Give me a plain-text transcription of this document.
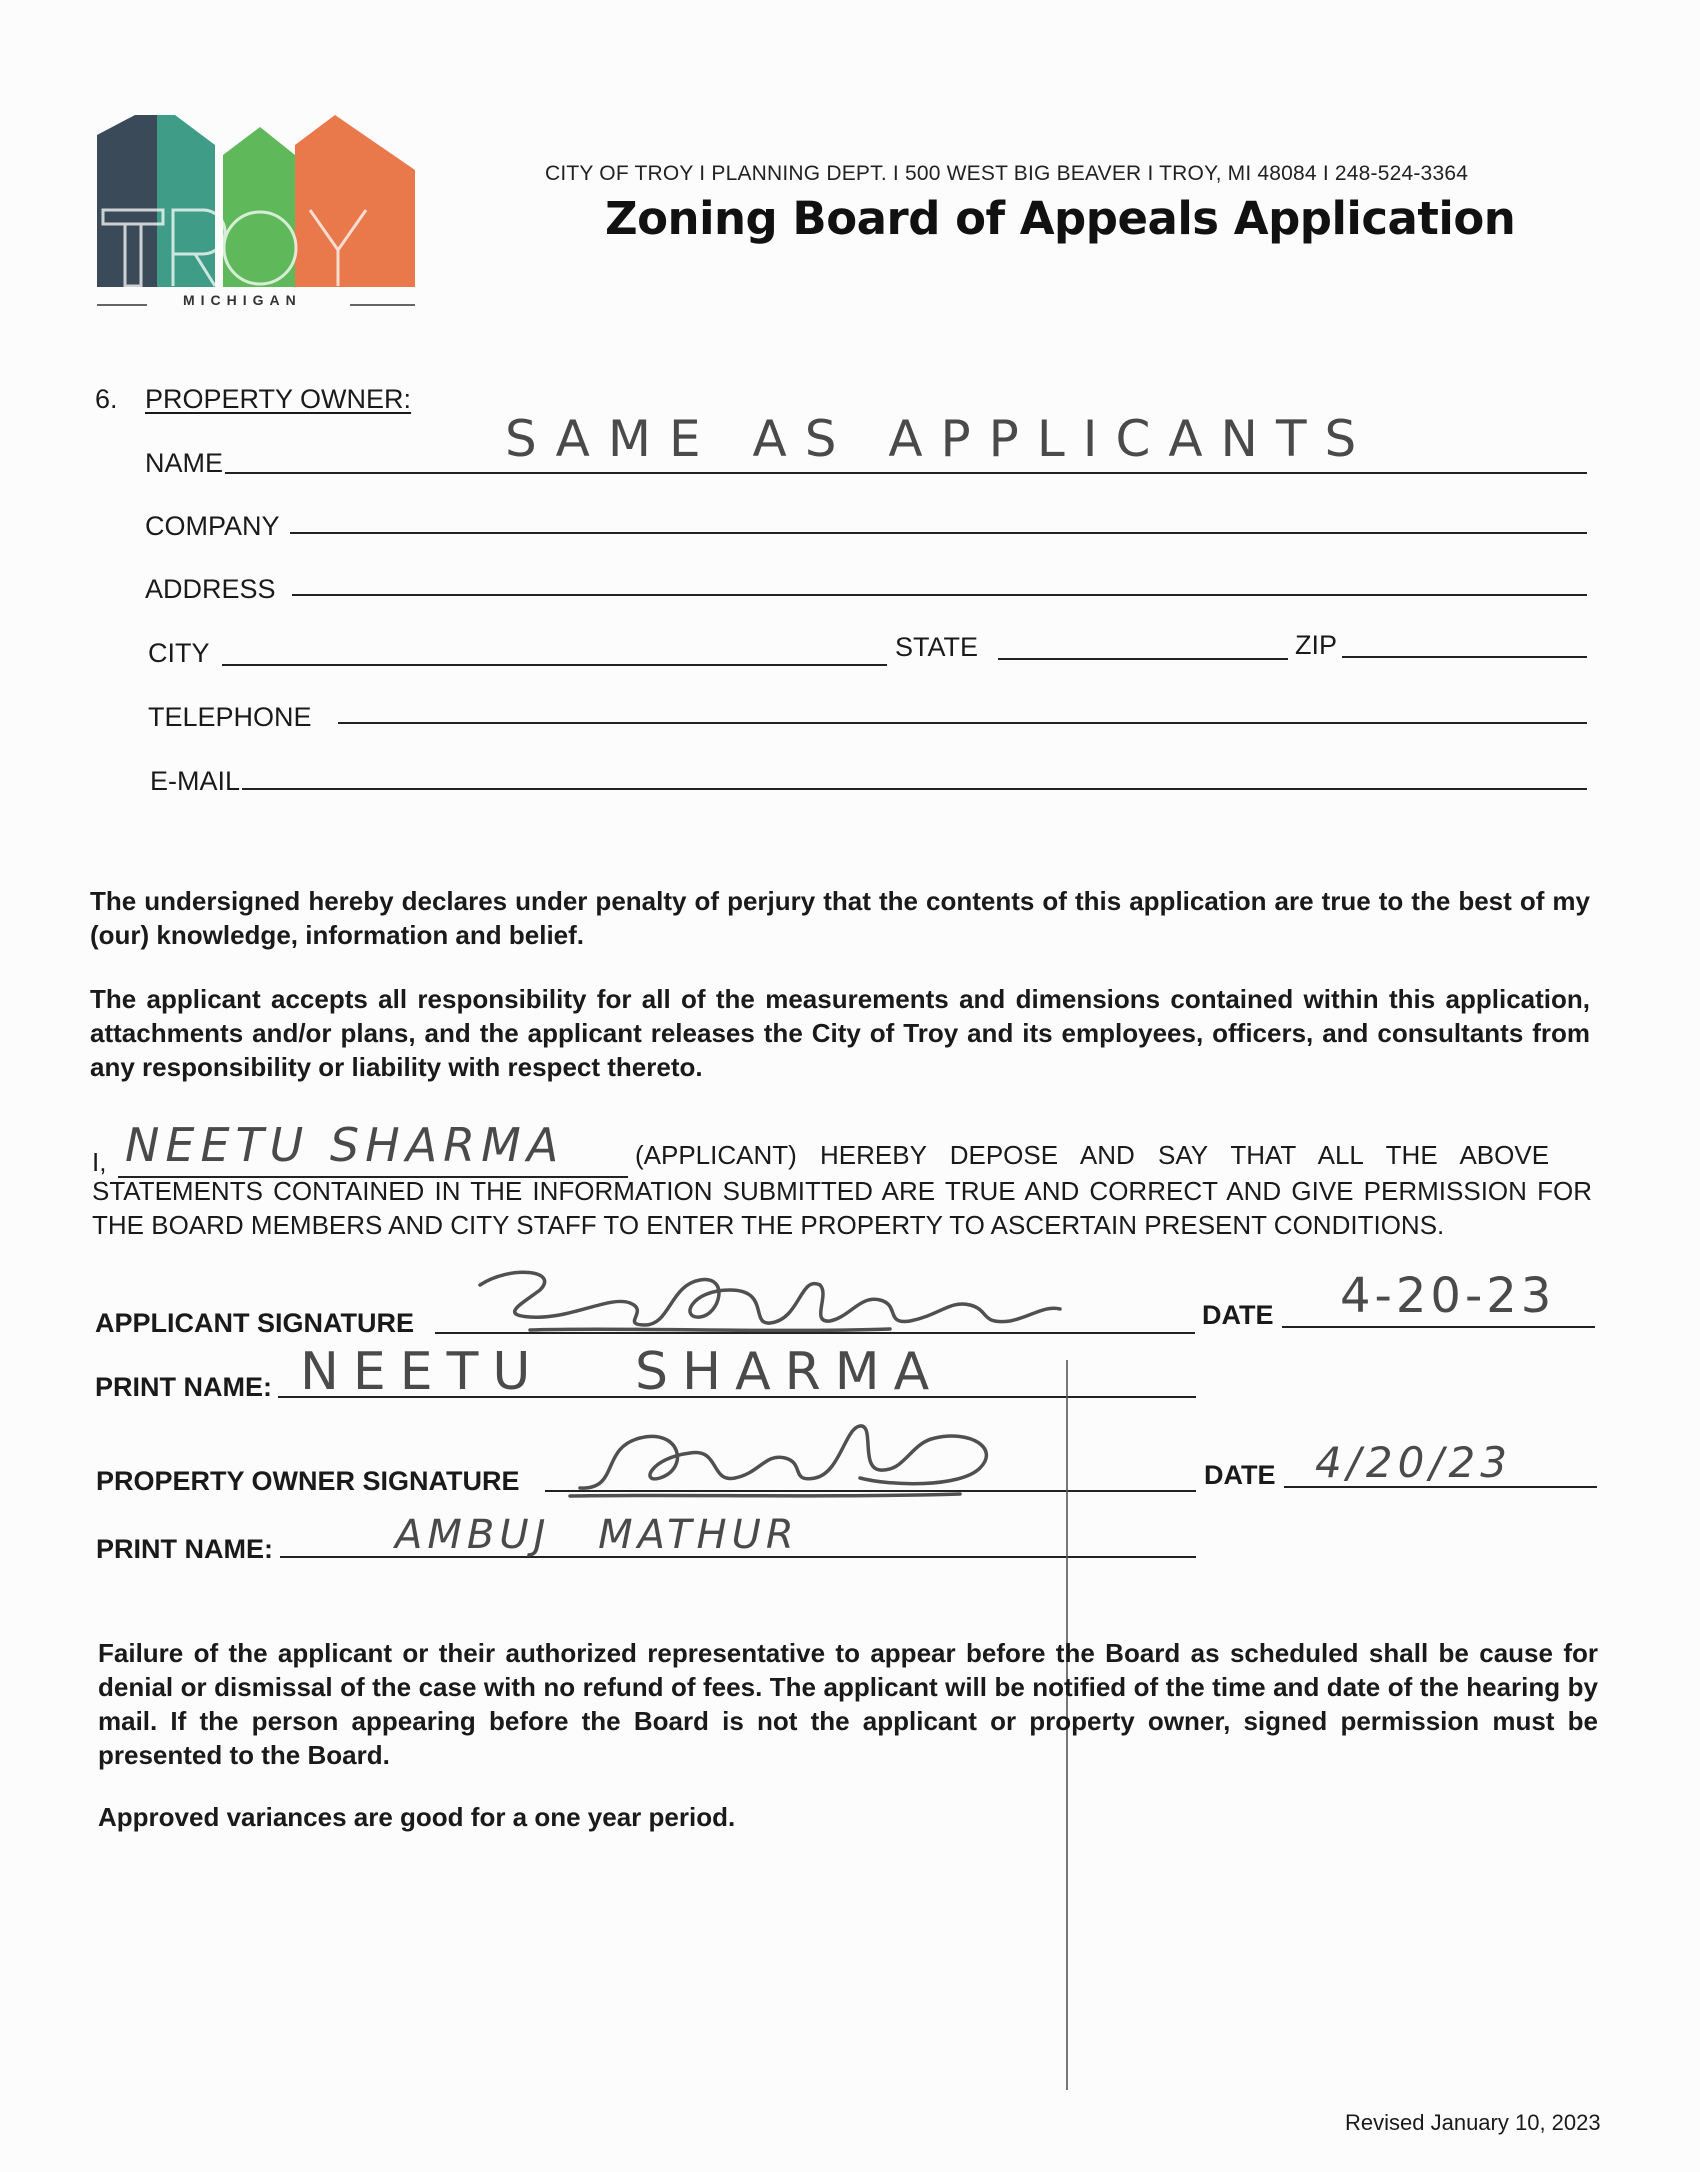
MICHIGAN
CITY OF TROY I PLANNING DEPT. I 500 WEST BIG BEAVER I TROY, MI 48084 I 248-524-3364
Zoning Board of Appeals Application
6. PROPERTY OWNER:
NAME	SAME AS APPLICANTS
COMPANY
ADDRESS
CITY	STATE	ZIP
TELEPHONE
E-MAIL
The undersigned hereby declares under penalty of perjury that the contents of this application are true to the best of my (our) knowledge, information and belief.
The applicant accepts all responsibility for all of the measurements and dimensions contained within this application, attachments and/or plans, and the applicant releases the City of Troy and its employees, officers, and consultants from any responsibility or liability with respect thereto.
I, NEETU SHARMA	(APPLICANT) HEREBY DEPOSE AND SAY THAT ALL THE ABOVE
STATEMENTS CONTAINED IN THE INFORMATION SUBMITTED ARE TRUE AND CORRECT AND GIVE PERMISSION FOR THE BOARD MEMBERS AND CITY STAFF TO ENTER THE PROPERTY TO ASCERTAIN PRESENT CONDITIONS.
APPLICANT SIGNATURE	DATE 4-20-23
PRINT NAME: NEETU SHARMA
PROPERTY OWNER SIGNATURE	DATE 4/20/23
PRINT NAME:	AMBUJ MATHUR
Failure of the applicant or their authorized representative to appear before the Board as scheduled shall be cause for denial or dismissal of the case with no refund of fees. The applicant will be notified of the time and date of the hearing by mail. If the person appearing before the Board is not the applicant or property owner, signed permission must be presented to the Board.
Approved variances are good for a one year period.
Revised January 10, 2023
